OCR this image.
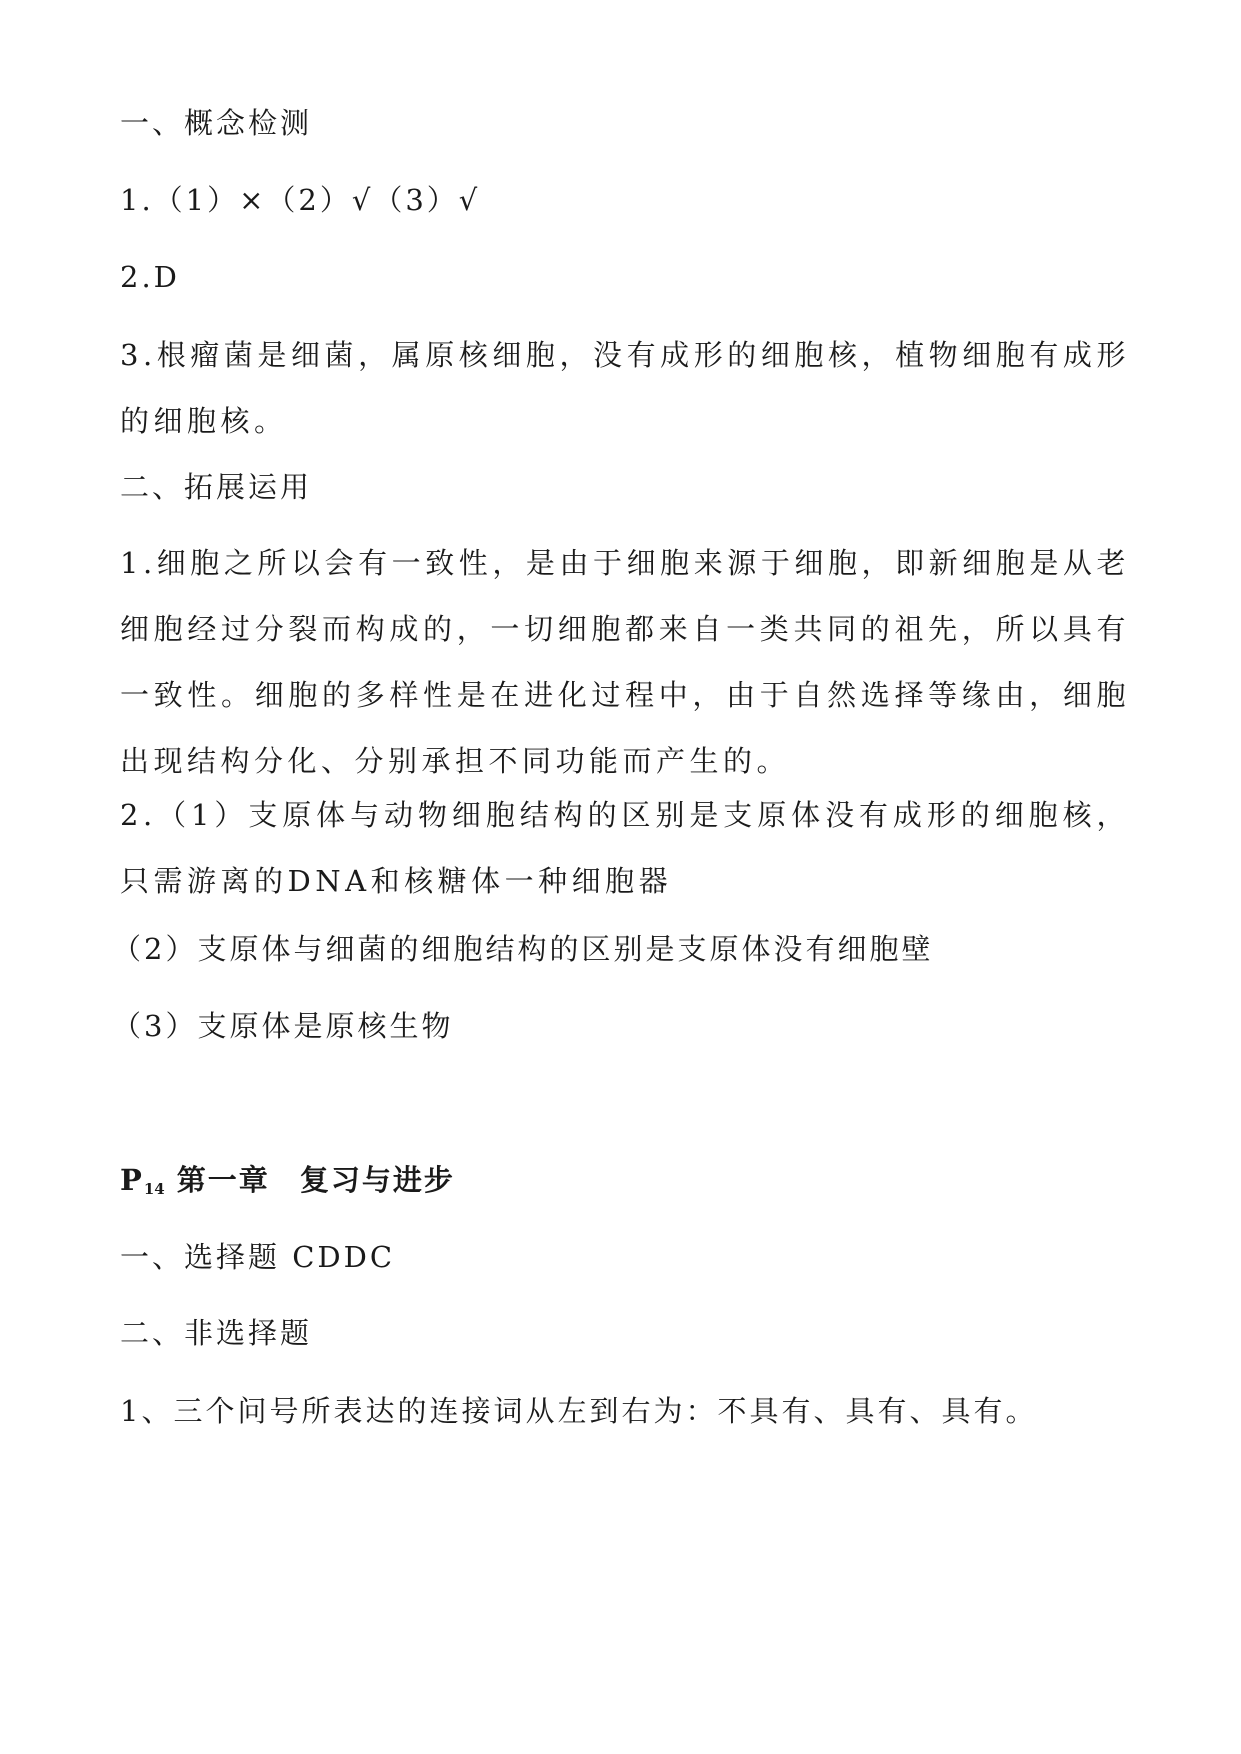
一、概念检测

1.（1）×（2）√（3）√

2.D

3.根瘤菌是细菌，属原核细胞，没有成形的细胞核，植物细胞有成形的细胞核。

二、拓展运用

1.细胞之所以会有一致性，是由于细胞来源于细胞，即新细胞是从老细胞经过分裂而构成的，一切细胞都来自一类共同的祖先，所以具有一致性。细胞的多样性是在进化过程中，由于自然选择等缘由，细胞出现结构分化、分别承担不同功能而产生的。

2.（1）支原体与动物细胞结构的区别是支原体没有成形的细胞核，只需游离的DNA和核糖体一种细胞器

（2）支原体与细菌的细胞结构的区别是支原体没有细胞壁

（3）支原体是原核生物

$P_{14}$ 第一章 复习与进步

一、选择题 CDDC

二、非选择题

1、三个问号所表达的连接词从左到右为：不具有、具有、具有。
